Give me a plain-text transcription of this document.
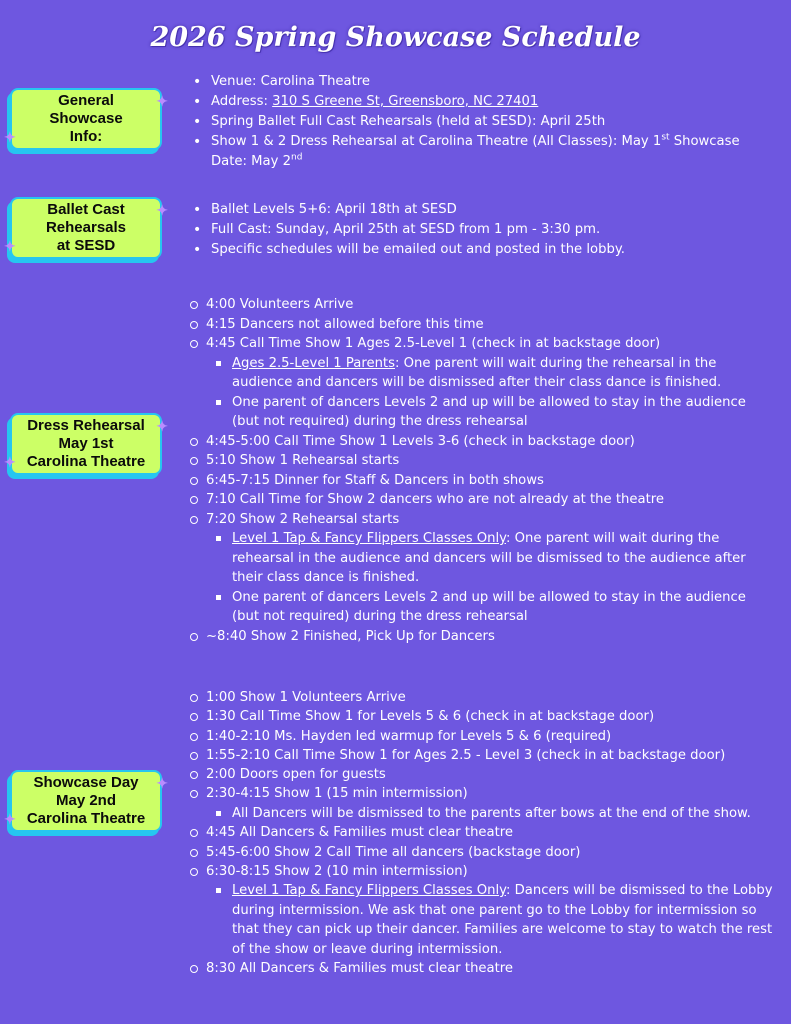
2026 Spring Showcase Schedule
General
Showcase
Info:
✦
✦
• Venue: Carolina Theatre
• Address: 310 S Greene St, Greensboro, NC 27401
• Spring Ballet Full Cast Rehearsals (held at SESD): April 25th
• Show 1 & 2 Dress Rehearsal at Carolina Theatre (All Classes): May 1st Showcase Date: May 2nd
Ballet Cast
Rehearsals
at SESD
✦
✦
•	Ballet Levels 5+6: April 18th at SESD
• Full Cast: Sunday, April 25th at SESD from 1 pm - 3:30 pm.
• Specific schedules will be emailed out and posted in the lobby.
Dress Rehearsal
May 1st
Carolina Theatre
✦
✦
4:00 Volunteers Arrive
4:15 Dancers not allowed before this time
4:45 Call Time Show 1 Ages 2.5-Level 1 (check in at backstage door)
Ages 2.5-Level 1 Parents: One parent will wait during the rehearsal in the audience and dancers will be dismissed after their class dance is finished.
One parent of dancers Levels 2 and up will be allowed to stay in the audience (but not required) during the dress rehearsal
4:45-5:00 Call Time Show 1 Levels 3-6 (check in backstage door)
5:10 Show 1 Rehearsal starts
6:45-7:15 Dinner for Staff & Dancers in both shows
7:10 Call Time for Show 2 dancers who are not already at the theatre
7:20 Show 2 Rehearsal starts
Level 1 Tap & Fancy Flippers Classes Only: One parent will wait during the rehearsal in the audience and dancers will be dismissed to the audience after their class dance is finished.
One parent of dancers Levels 2 and up will be allowed to stay in the audience (but not required) during the dress rehearsal
~8:40 Show 2 Finished, Pick Up for Dancers
Showcase Day
May 2nd
Carolina Theatre
✦
✦
1:00 Show 1 Volunteers Arrive
1:30 Call Time Show 1 for Levels 5 & 6 (check in at backstage door)
1:40-2:10 Ms. Hayden led warmup for Levels 5 & 6 (required)
1:55-2:10 Call Time Show 1 for Ages 2.5 - Level 3 (check in at backstage door)
2:00 Doors open for guests
2:30-4:15 Show 1 (15 min intermission)
All Dancers will be dismissed to the parents after bows at the end of the show.
4:45 All Dancers & Families must clear theatre
5:45-6:00 Show 2 Call Time all dancers (backstage door)
6:30-8:15 Show 2 (10 min intermission)
Level 1 Tap & Fancy Flippers Classes Only: Dancers will be dismissed to the Lobby during intermission. We ask that one parent go to the Lobby for intermission so that they can pick up their dancer. Families are welcome to stay to watch the rest of the show or leave during intermission.
8:30 All Dancers & Families must clear theatre
